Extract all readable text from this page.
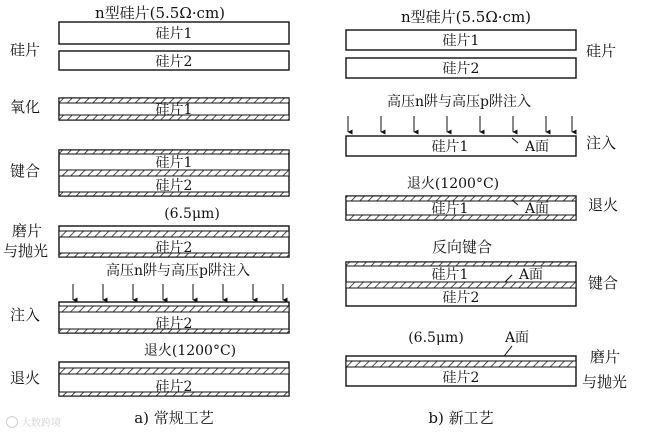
n型硅片(5.5Ω·cm)
硅片
硅片1
硅片2
氧化	硅片1
键合	硅片1
硅片2
(6.5μm)
磨片
与抛光	硅片2
高压n阱与高压p阱注入
注入	硅片2
退火(1200°C)
退火	硅片2
a) 常规工艺
n型硅片(5.5Ω·cm)
硅片
硅片1
硅片2
高压n阱与高压p阱注入
注入
硅片1	A面
退火(1200°C)
退火
硅片1	A面
反向键合
键合
硅片1	A面
硅片2
(6.5μm)	A面
磨片
与抛光
硅片2
b) 新工艺
大数跨境
